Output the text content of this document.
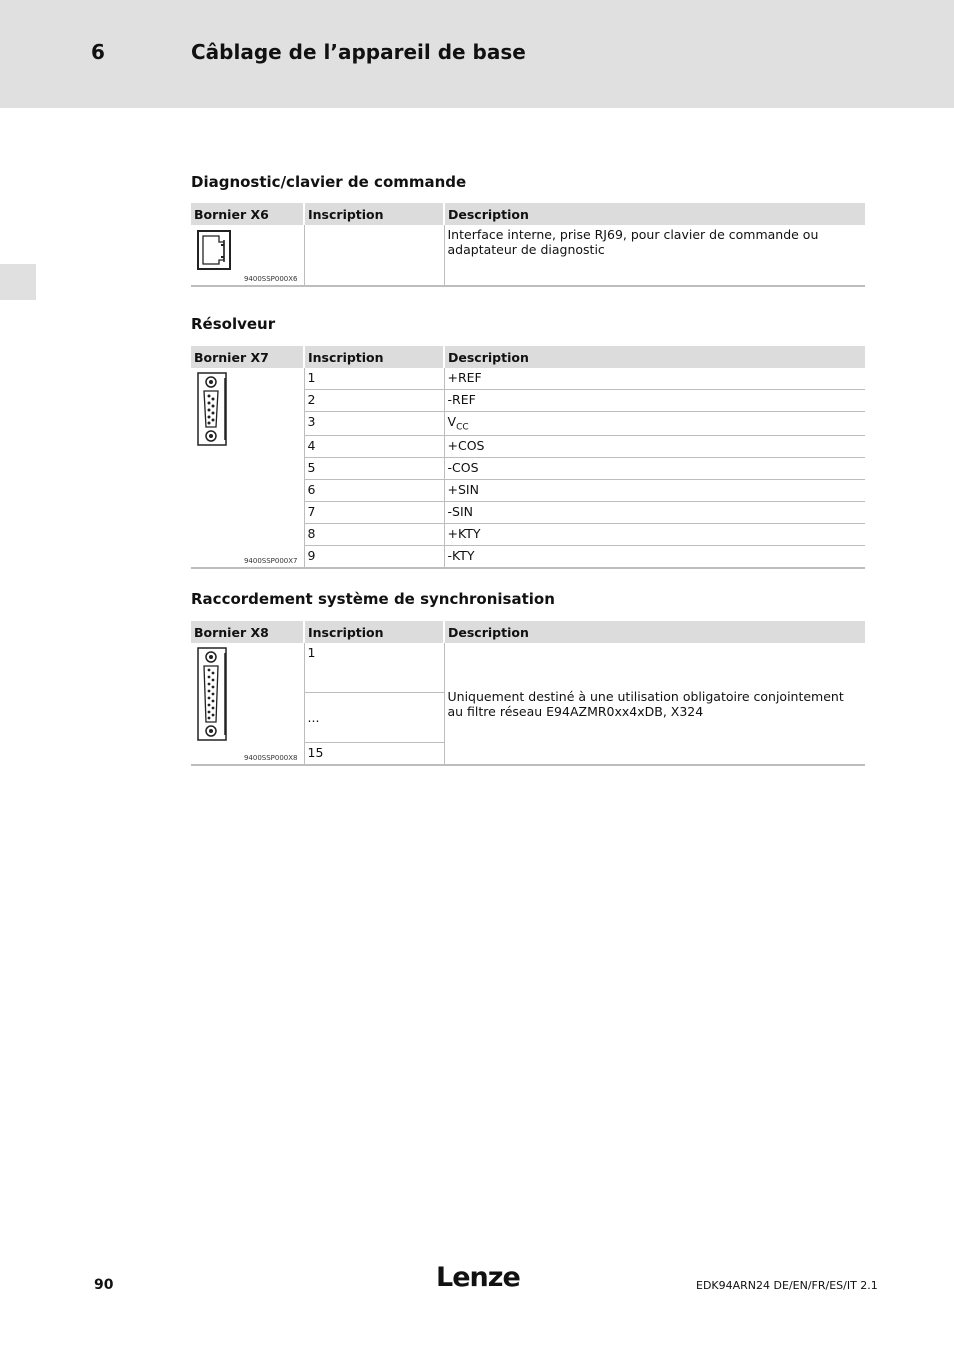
6	Câblage de l’appareil de base
Diagnostic/clavier de commande
Bornier X6	Inscription	Description

9400SSP000X6		Interface interne, prise RJ69, pour clavier de commande ou adaptateur de diagnostic
Résolveur
Bornier X7	Inscription	Description

9400SSP000X7	1	+REF
	2	-REF
	3	$V_{CC}$
	4	+COS
	5	-COS
	6	+SIN
	7	-SIN
	8	+KTY
	9	-KTY
Raccordement système de synchronisation
Bornier X8	Inscription	Description

9400SSP000X8	1	Uniquement destiné à une utilisation obligatoire conjointement au filtre réseau E94AZMR0xx4xDB, X324
	...	
	15	
90	Lenze	EDK94ARN24 DE/EN/FR/ES/IT 2.1
